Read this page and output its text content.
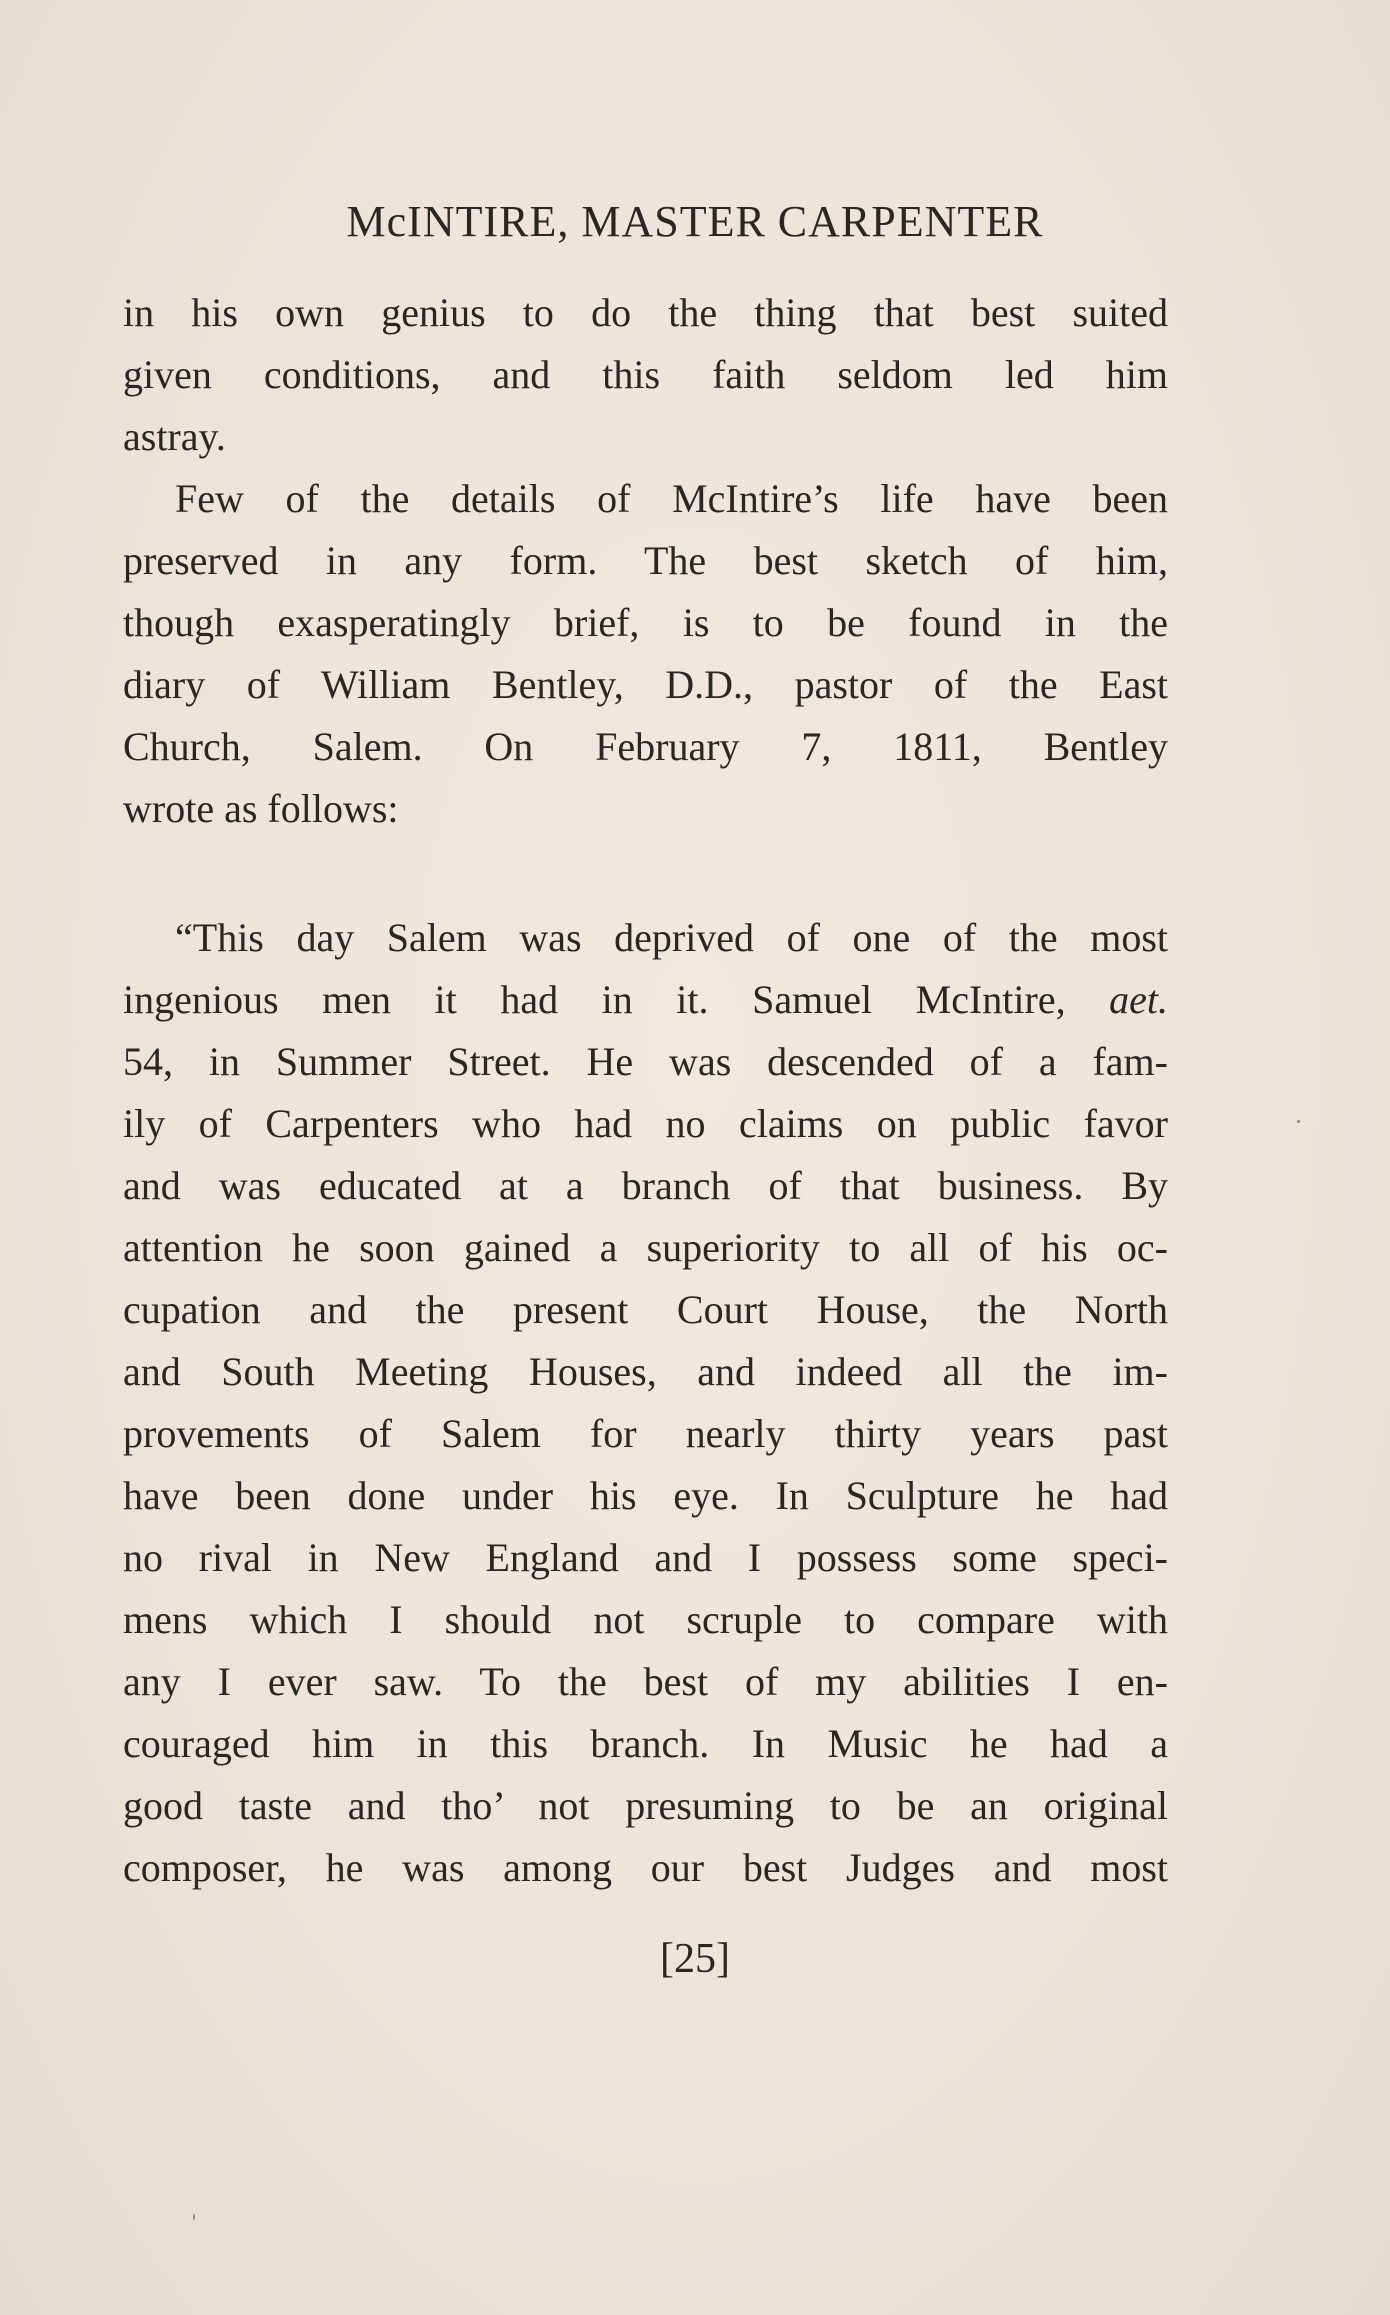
McINTIRE, MASTER CARPENTER
in his own genius to do the thing that best suited
given conditions, and this faith seldom led him
astray.
Few of the details of McIntire’s life have been
preserved in any form. The best sketch of him,
though exasperatingly brief, is to be found in the
diary of William Bentley, D.D., pastor of the East
Church, Salem. On February 7, 1811, Bentley
wrote as follows:
“This day Salem was deprived of one of the most
ingenious men it had in it. Samuel McIntire, aet.
54, in Summer Street. He was descended of a fam-
ily of Carpenters who had no claims on public favor
and was educated at a branch of that business. By
attention he soon gained a superiority to all of his oc-
cupation and the present Court House, the North
and South Meeting Houses, and indeed all the im-
provements of Salem for nearly thirty years past
have been done under his eye. In Sculpture he had
no rival in New England and I possess some speci-
mens which I should not scruple to compare with
any I ever saw. To the best of my abilities I en-
couraged him in this branch. In Music he had a
good taste and tho’ not presuming to be an original
composer, he was among our best Judges and most
[25]
